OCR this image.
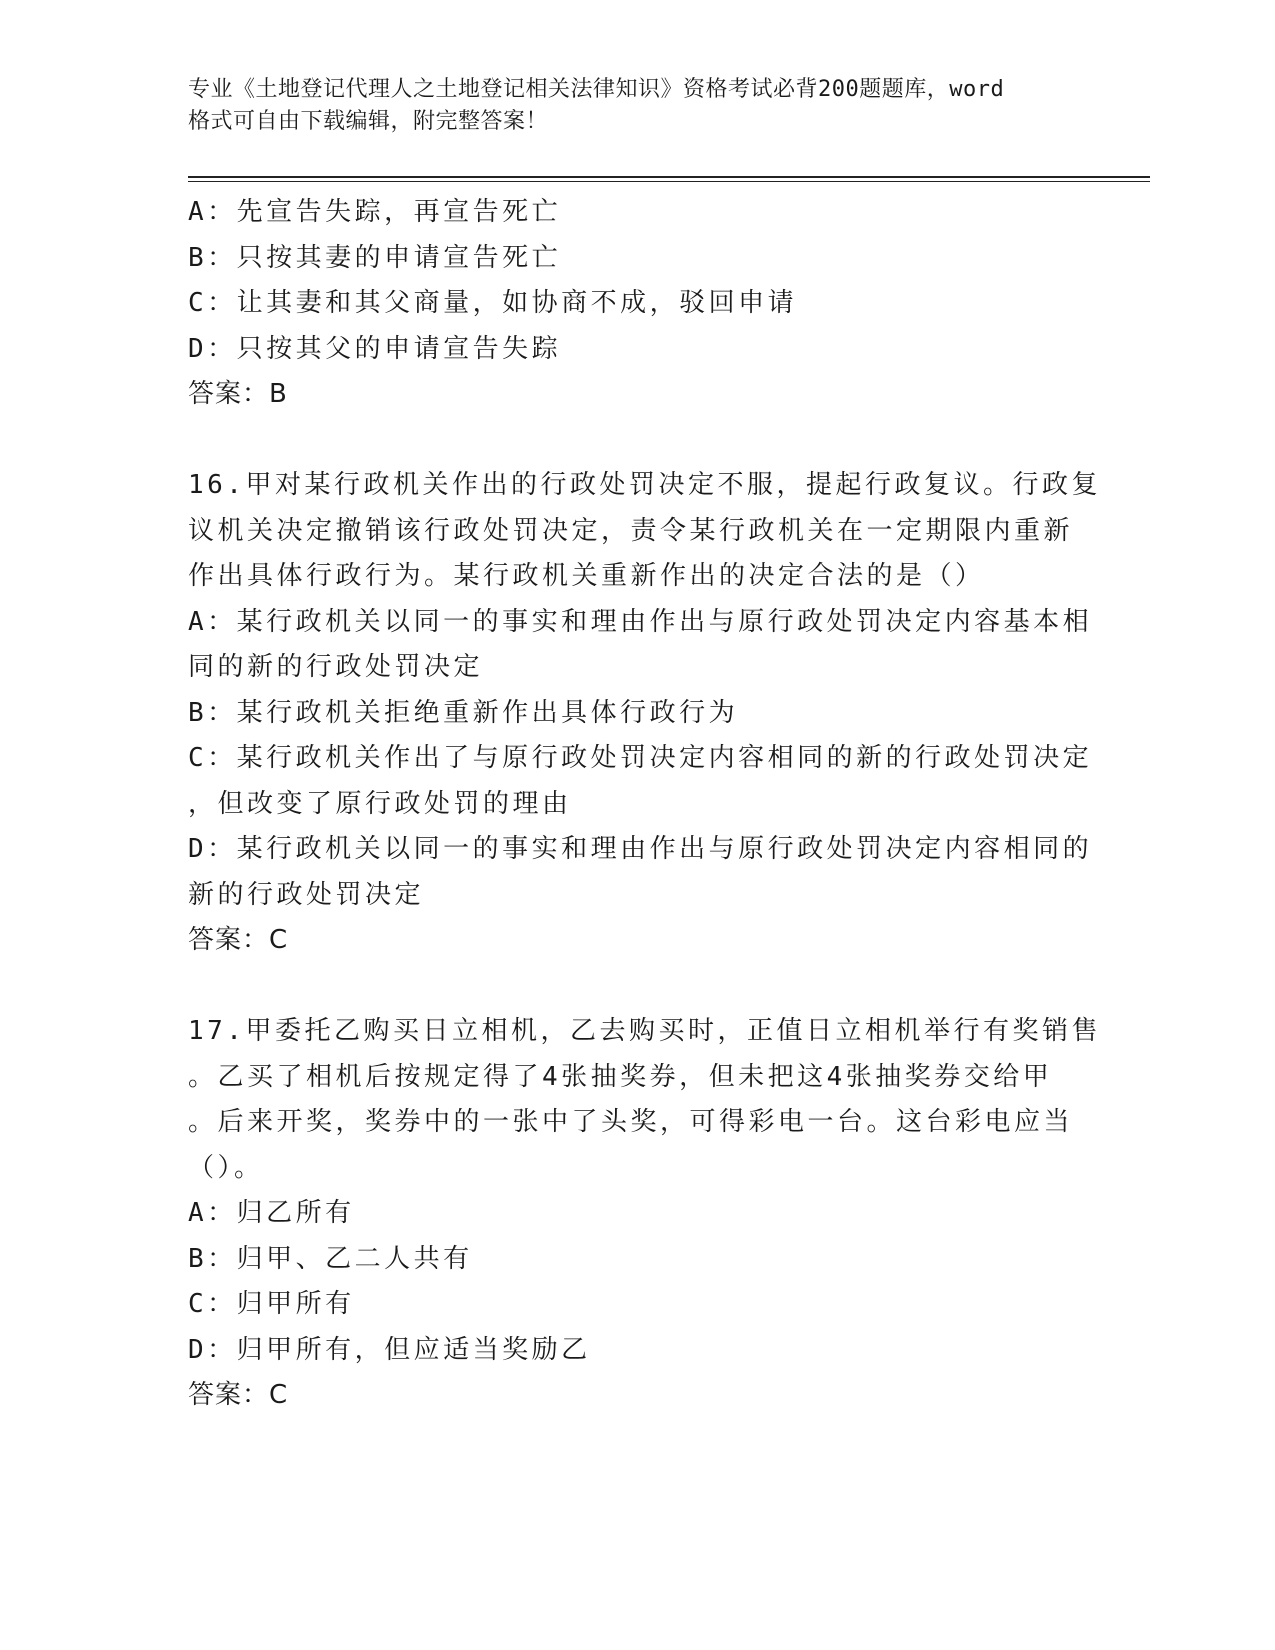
专业《土地登记代理人之土地登记相关法律知识》资格考试必背200题题库，word
格式可自由下载编辑，附完整答案！
A：先宣告失踪，再宣告死亡
B：只按其妻的申请宣告死亡
C：让其妻和其父商量，如协商不成，驳回申请
D：只按其父的申请宣告失踪
答案：B
16.甲对某行政机关作出的行政处罚决定不服，提起行政复议。行政复
议机关决定撤销该行政处罚决定，责令某行政机关在一定期限内重新
作出具体行政行为。某行政机关重新作出的决定合法的是（）
A：某行政机关以同一的事实和理由作出与原行政处罚决定内容基本相
同的新的行政处罚决定
B：某行政机关拒绝重新作出具体行政行为
C：某行政机关作出了与原行政处罚决定内容相同的新的行政处罚决定
，但改变了原行政处罚的理由
D：某行政机关以同一的事实和理由作出与原行政处罚决定内容相同的
新的行政处罚决定
答案：C
17.甲委托乙购买日立相机，乙去购买时，正值日立相机举行有奖销售
。乙买了相机后按规定得了4张抽奖券，但未把这4张抽奖券交给甲
。后来开奖，奖券中的一张中了头奖，可得彩电一台。这台彩电应当
（）。
A：归乙所有
B：归甲、乙二人共有
C：归甲所有
D：归甲所有，但应适当奖励乙
答案：C
